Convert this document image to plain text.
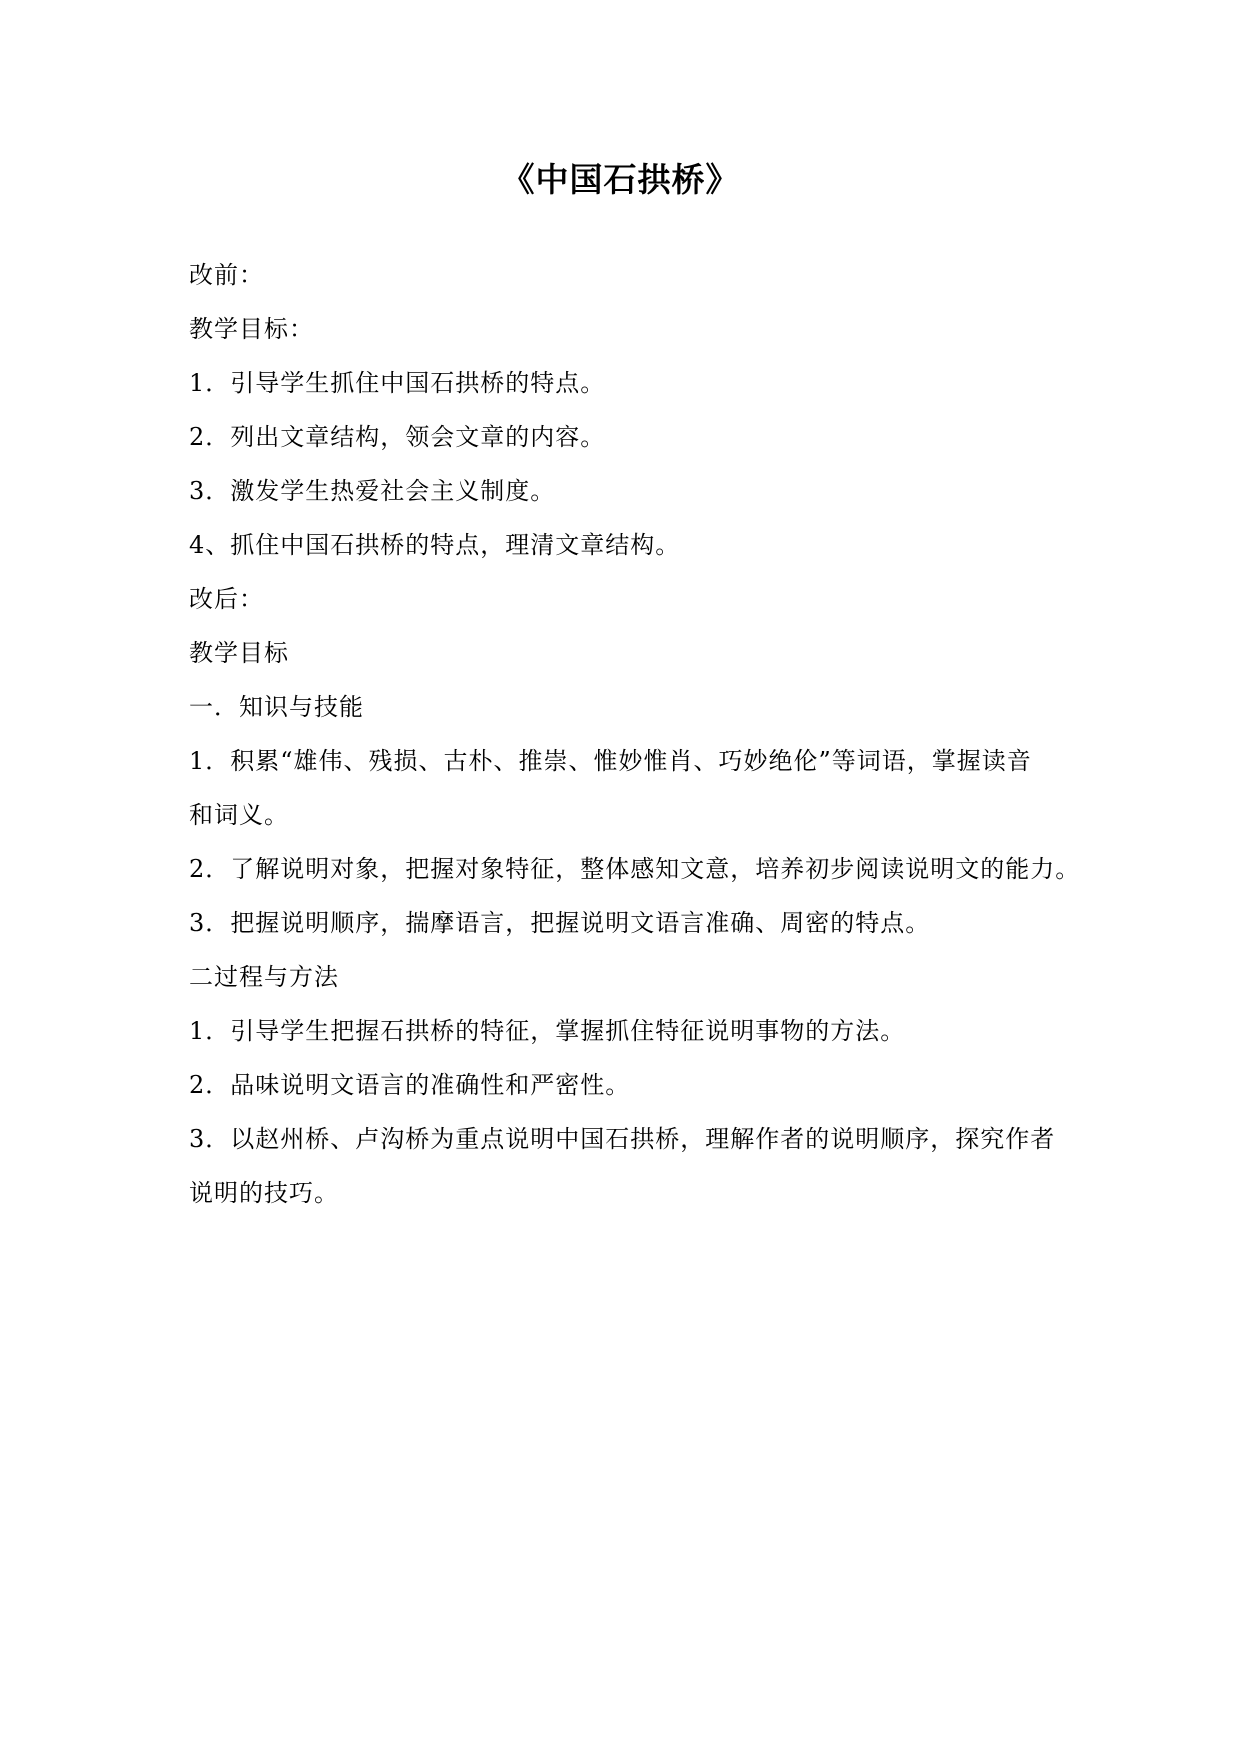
《中国石拱桥》

改前：

教学目标：

1．引导学生抓住中国石拱桥的特点。

2．列出文章结构，领会文章的内容。

3．激发学生热爱社会主义制度。

4、抓住中国石拱桥的特点，理清文章结构。

改后：

教学目标

一．知识与技能

1．积累“雄伟、残损、古朴、推崇、惟妙惟肖、巧妙绝伦”等词语，掌握读音

和词义。

2．了解说明对象，把握对象特征，整体感知文意，培养初步阅读说明文的能力。

3．把握说明顺序，揣摩语言，把握说明文语言准确、周密的特点。

二过程与方法

1．引导学生把握石拱桥的特征，掌握抓住特征说明事物的方法。

2．品味说明文语言的准确性和严密性。

3．以赵州桥、卢沟桥为重点说明中国石拱桥，理解作者的说明顺序，探究作者

说明的技巧。
